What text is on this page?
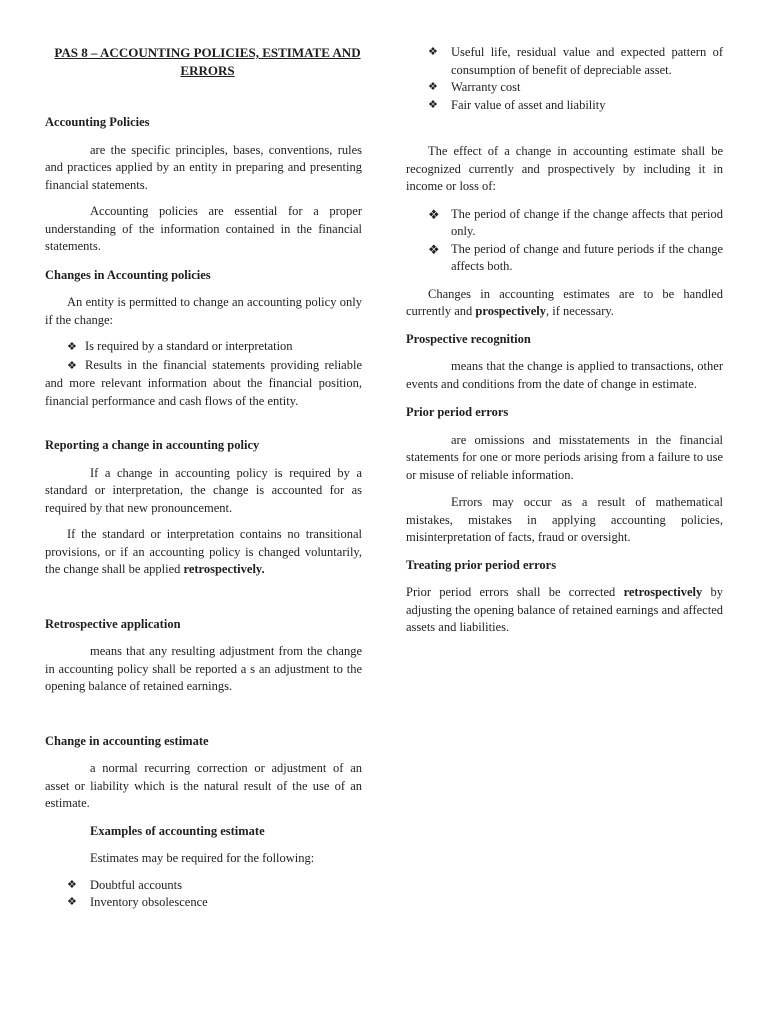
PAS 8 – ACCOUNTING POLICIES, ESTIMATE AND ERRORS
Accounting Policies

are the specific principles, bases, conventions, rules and practices applied by an entity in preparing and presenting financial statements.

Accounting policies are essential for a proper understanding of the information contained in the financial statements.

Changes in Accounting policies

An entity is permitted to change an accounting policy only if the change:

❖ Is required by a standard or interpretation
❖ Results in the financial statements providing reliable and more relevant information about the financial position, financial performance and cash flows of the entity.
Reporting a change in accounting policy

If a change in accounting policy is required by a standard or interpretation, the change is accounted for as required by that new pronouncement.

If the standard or interpretation contains no transitional provisions, or if an accounting policy is changed voluntarily, the change shall be applied retrospectively.

Retrospective application

means that any resulting adjustment from the change in accounting policy shall be reported a s an adjustment to the opening balance of retained earnings.

Change in accounting estimate

a normal recurring correction or adjustment of an asset or liability which is the natural result of the use of an estimate.

Examples of accounting estimate

Estimates may be required for the following:

❖ Doubtful accounts
❖ Inventory obsolescence
❖ Useful life, residual value and expected pattern of consumption of benefit of depreciable asset.
❖ Warranty cost
❖ Fair value of asset and liability

The effect of a change in accounting estimate shall be recognized currently and prospectively by including it in income or loss of:

❖ The period of change if the change affects that period only.
❖ The period of change and future periods if the change affects both.

Changes in accounting estimates are to be handled currently and prospectively, if necessary.

Prospective recognition

means that the change is applied to transactions, other events and conditions from the date of change in estimate.

Prior period errors

are omissions and misstatements in the financial statements for one or more periods arising from a failure to use or misuse of reliable information.

Errors may occur as a result of mathematical mistakes, mistakes in applying accounting policies, misinterpretation of facts, fraud or oversight.

Treating prior period errors

Prior period errors shall be corrected retrospectively by adjusting the opening balance of retained earnings and affected assets and liabilities.
